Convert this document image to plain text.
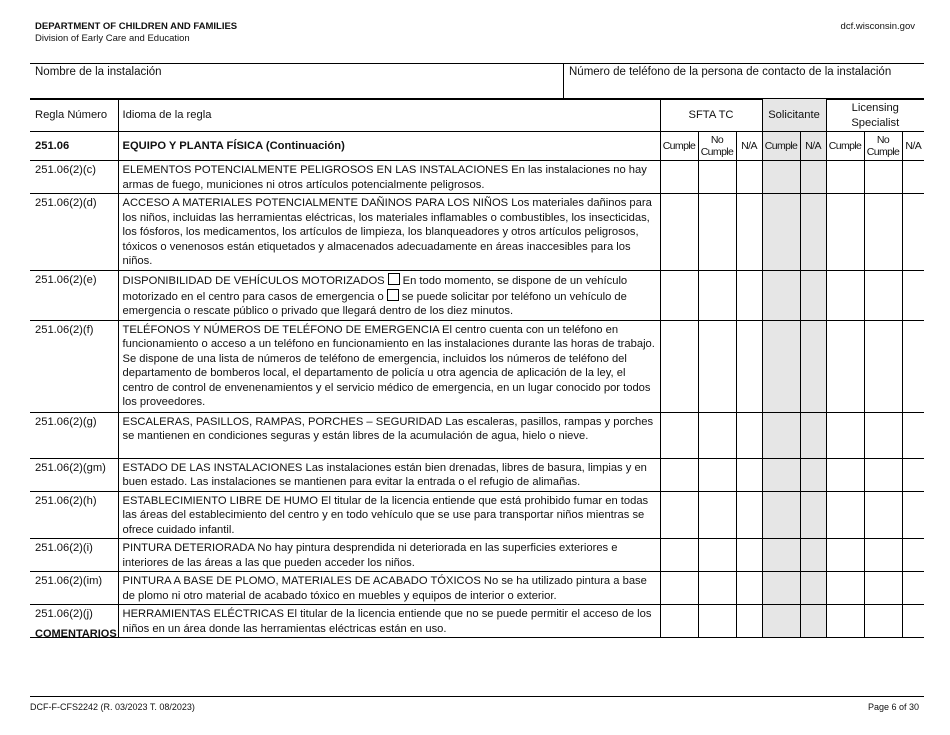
DEPARTMENT OF CHILDREN AND FAMILIES
Division of Early Care and Education
dcf.wisconsin.gov
Nombre de la instalación	Número de teléfono de la persona de contacto de la instalación
Regla Número	Idioma de la regla	SFTA TC			Solicitante		Licensing Specialist		
251.06	EQUIPO Y PLANTA FÍSICA (Continuación)	Cumple	No Cumple	N/A	Cumple	N/A	Cumple	No Cumple	N/A
251.06(2)(c)	ELEMENTOS POTENCIALMENTE PELIGROSOS EN LAS INSTALACIONES En las instalaciones no hay armas de fuego, municiones ni otros artículos potencialmente peligrosos.								
251.06(2)(d)	ACCESO A MATERIALES POTENCIALMENTE DAÑINOS PARA LOS NIÑOS Los materiales dañinos para los niños, incluidas las herramientas eléctricas, los materiales inflamables o combustibles, los insecticidas, los fósforos, los medicamentos, los artículos de limpieza, los blanqueadores y otros artículos peligrosos, tóxicos o venenosos están etiquetados y almacenados adecuadamente en áreas inaccesibles para los niños.								
251.06(2)(e)	DISPONIBILIDAD DE VEHÍCULOS MOTORIZADOS En todo momento, se dispone de un vehículo motorizado en el centro para casos de emergencia o se puede solicitar por teléfono un vehículo de emergencia o rescate público o privado que llegará dentro de los diez minutos.								
251.06(2)(f)	TELÉFONOS Y NÚMEROS DE TELÉFONO DE EMERGENCIA El centro cuenta con un teléfono en funcionamiento o acceso a un teléfono en funcionamiento en las instalaciones durante las horas de trabajo. Se dispone de una lista de números de teléfono de emergencia, incluidos los números de teléfono del departamento de bomberos local, el departamento de policía u otra agencia de aplicación de la ley, el centro de control de envenenamientos y el servicio médico de emergencia, en un lugar conocido por todos los proveedores.								
251.06(2)(g)	ESCALERAS, PASILLOS, RAMPAS, PORCHES – SEGURIDAD Las escaleras, pasillos, rampas y porches se mantienen en condiciones seguras y están libres de la acumulación de agua, hielo o nieve.								
251.06(2)(gm)	ESTADO DE LAS INSTALACIONES Las instalaciones están bien drenadas, libres de basura, limpias y en buen estado. Las instalaciones se mantienen para evitar la entrada o el refugio de alimañas.								
251.06(2)(h)	ESTABLECIMIENTO LIBRE DE HUMO El titular de la licencia entiende que está prohibido fumar en todas las áreas del establecimiento del centro y en todo vehículo que se use para transportar niños mientras se ofrece cuidado infantil.								
251.06(2)(i)	PINTURA DETERIORADA No hay pintura desprendida ni deteriorada en las superficies exteriores e interiores de las áreas a las que pueden acceder los niños.								
251.06(2)(im)	PINTURA A BASE DE PLOMO, MATERIALES DE ACABADO TÓXICOS No se ha utilizado pintura a base de plomo ni otro material de acabado tóxico en muebles y equipos de interior o exterior.								
251.06(2)(j)	HERRAMIENTAS ELÉCTRICAS El titular de la licencia entiende que no se puede permitir el acceso de los niños en un área donde las herramientas eléctricas están en uso.								
COMENTARIOS
DCF-F-CFS2242 (R. 03/2023 T. 08/2023)	Page 6 of 30
